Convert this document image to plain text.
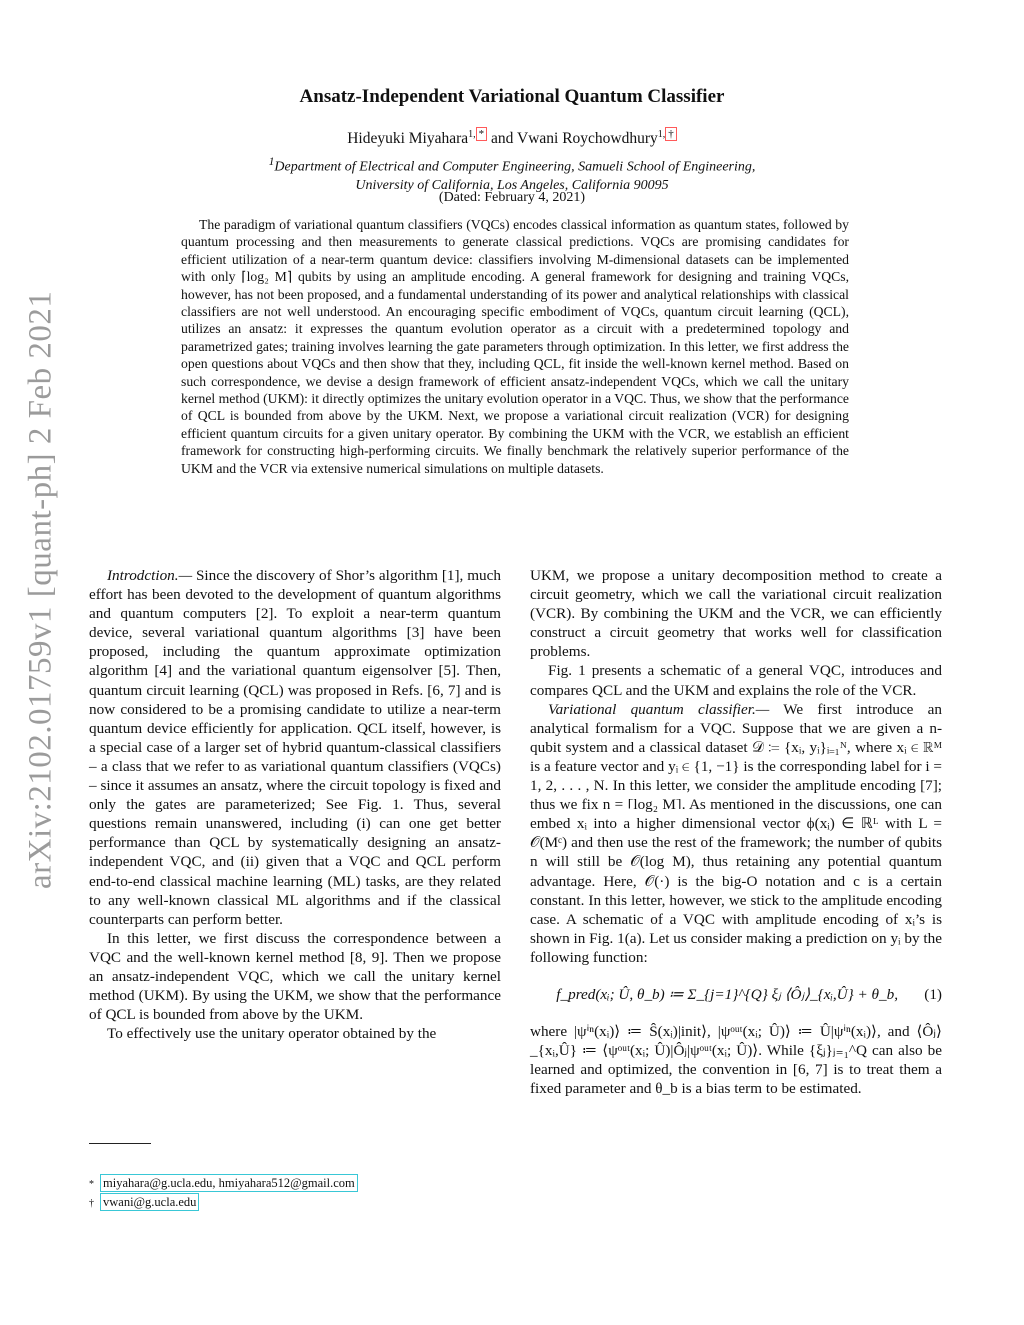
arXiv:2102.01759v1 [quant-ph] 2 Feb 2021
Ansatz-Independent Variational Quantum Classifier
Hideyuki Miyahara$^{1,}$ * and Vwani Roychowdhury$^{1,}$ †
$^1$Department of Electrical and Computer Engineering, Samueli School of Engineering,
University of California, Los Angeles, California 90095
(Dated: February 4, 2021)
The paradigm of variational quantum classifiers (VQCs) encodes classical information as quantum states, followed by quantum processing and then measurements to generate classical predictions. VQCs are promising candidates for efficient utilization of a near-term quantum device: classifiers involving M-dimensional datasets can be implemented with only ⌈log₂ M⌉ qubits by using an amplitude encoding. A general framework for designing and training VQCs, however, has not been proposed, and a fundamental understanding of its power and analytical relationships with classical classifiers are not well understood. An encouraging specific embodiment of VQCs, quantum circuit learning (QCL), utilizes an ansatz: it expresses the quantum evolution operator as a circuit with a predetermined topology and parametrized gates; training involves learning the gate parameters through optimization. In this letter, we first address the open questions about VQCs and then show that they, including QCL, fit inside the well-known kernel method. Based on such correspondence, we devise a design framework of efficient ansatz-independent VQCs, which we call the unitary kernel method (UKM): it directly optimizes the unitary evolution operator in a VQC. Thus, we show that the performance of QCL is bounded from above by the UKM. Next, we propose a variational circuit realization (VCR) for designing efficient quantum circuits for a given unitary operator. By combining the UKM with the VCR, we establish an efficient framework for constructing high-performing circuits. We finally benchmark the relatively superior performance of the UKM and the VCR via extensive numerical simulations on multiple datasets.

Introdction.— Since the discovery of Shor’s algorithm [1], much effort has been devoted to the development of quantum algorithms and quantum computers [2]. To exploit a near-term quantum device, several variational quantum algorithms [3] have been proposed, including the quantum approximate optimization algorithm [4] and the variational quantum eigensolver [5]. Then, quantum circuit learning (QCL) was proposed in Refs. [6, 7] and is now considered to be a promising candidate to utilize a near-term quantum device efficiently for application. QCL itself, however, is a special case of a larger set of hybrid quantum-classical classifiers – a class that we refer to as variational quantum classifiers (VQCs) – since it assumes an ansatz, where the circuit topology is fixed and only the gates are parameterized; See Fig. 1. Thus, several questions remain unanswered, including (i) can one get better performance than QCL by systematically designing an ansatz-independent VQC, and (ii) given that a VQC and QCL perform end-to-end classical machine learning (ML) tasks, are they related to any well-known classical ML algorithms and if the classical counterparts can perform better.

In this letter, we first discuss the correspondence between a VQC and the well-known kernel method [8, 9]. Then we propose an ansatz-independent VQC, which we call the unitary kernel method (UKM). By using the UKM, we show that the performance of QCL is bounded from above by the UKM.

To effectively use the unitary operator obtained by the

UKM, we propose a unitary decomposition method to create a circuit geometry, which we call the variational circuit realization (VCR). By combining the UKM and the VCR, we can efficiently construct a circuit geometry that works well for classification problems.

Fig. 1 presents a schematic of a general VQC, introduces and compares QCL and the UKM and explains the role of the VCR.

Variational quantum classifier.— We first introduce an analytical formalism for a VQC. Suppose that we are given a n-qubit system and a classical dataset 𝒟 ≔ {xᵢ, yᵢ}ᵢ₌₁ᴺ, where xᵢ ∈ ℝᴹ is a feature vector and yᵢ ∈ {1, −1} is the corresponding label for i = 1, 2, . . . , N. In this letter, we consider the amplitude encoding [7]; thus we fix n = ⌈log₂ M⌉. As mentioned in the discussions, one can embed xᵢ into a higher dimensional vector ϕ(xᵢ) ∈ ℝᴸ with L = 𝒪(Mᶜ) and then use the rest of the framework; the number of qubits n will still be 𝒪(log M), thus retaining any potential quantum advantage. Here, 𝒪(·) is the big-O notation and c is a certain constant. In this letter, however, we stick to the amplitude encoding case. A schematic of a VQC with amplitude encoding of xᵢ’s is shown in Fig. 1(a). Let us consider making a prediction on yᵢ by the following function:

f_pred(xᵢ; Û, θ_b) ≔ Σ_{j=1}^{Q} ξⱼ ⟨Ôⱼ⟩_{xᵢ,Û} + θ_b,	(1)

where |ψⁱⁿ(xᵢ)⟩ ≔ Ŝ(xᵢ)|init⟩, |ψᵒᵘᵗ(xᵢ; Û)⟩ ≔ Û|ψⁱⁿ(xᵢ)⟩, and ⟨Ôⱼ⟩_{xᵢ,Û} ≔ ⟨ψᵒᵘᵗ(xᵢ; Û)|Ôⱼ|ψᵒᵘᵗ(xᵢ; Û)⟩. While {ξⱼ}ⱼ₌₁^Q can also be learned and optimized, the convention in [6, 7] is to treat them a fixed parameter and θ_b is a bias term to be estimated.

* miyahara@g.ucla.edu, hmiyahara512@gmail.com
† vwani@g.ucla.edu
